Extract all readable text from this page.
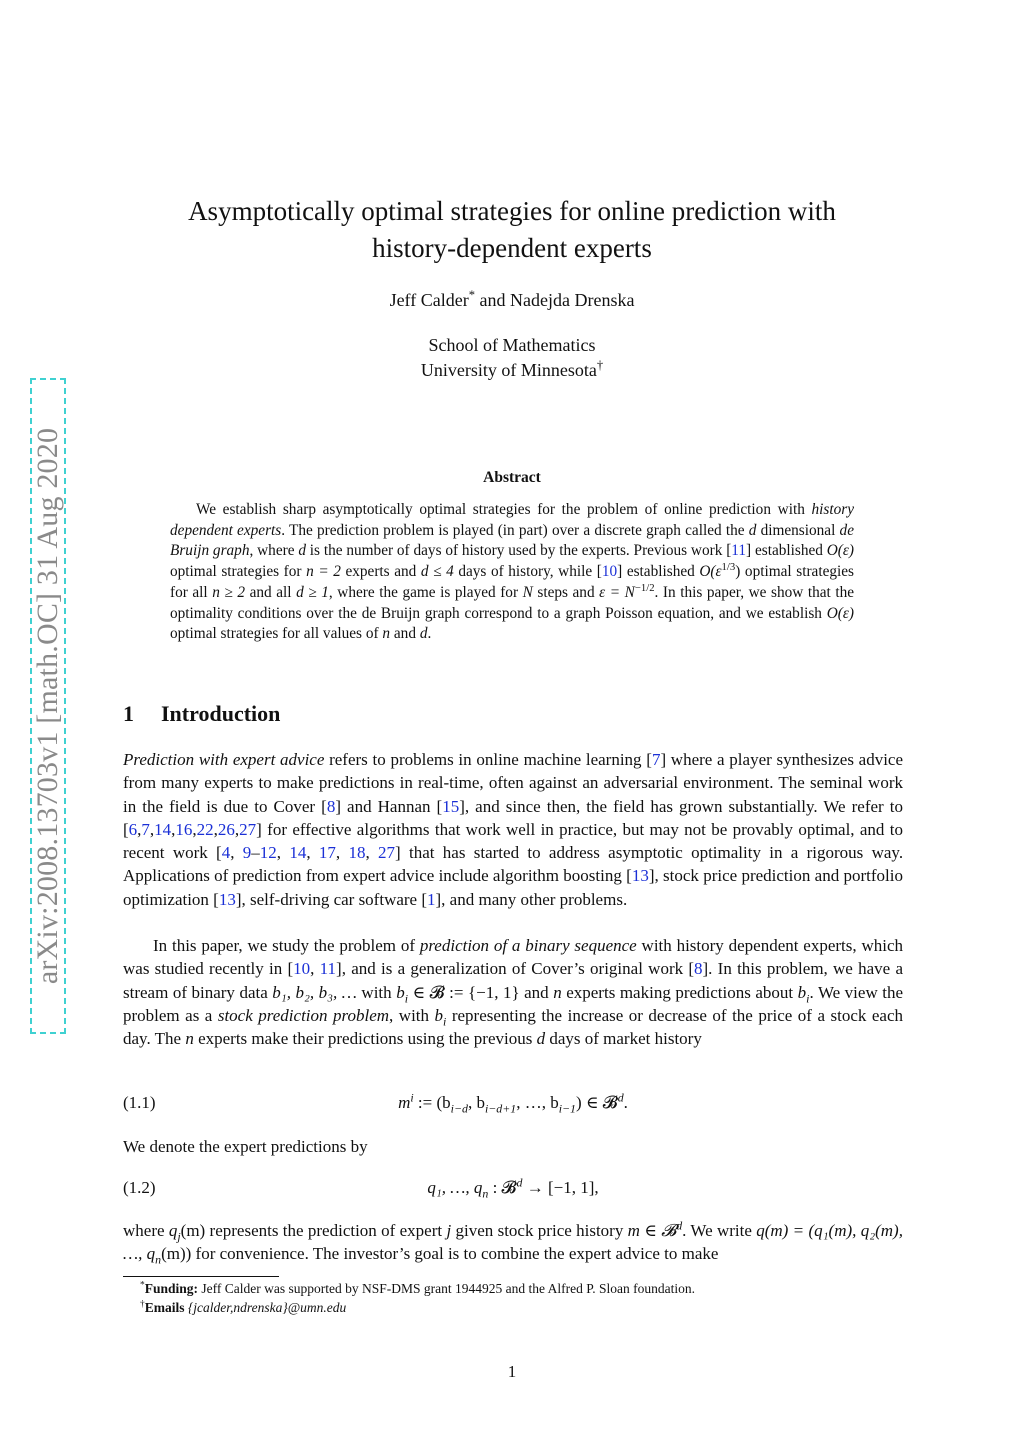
arXiv:2008.13703v1 [math.OC] 31 Aug 2020
Asymptotically optimal strategies for online prediction with
history-dependent experts
Jeff Calder* and Nadejda Drenska
School of Mathematics
University of Minnesota†
Abstract
We establish sharp asymptotically optimal strategies for the problem of online prediction with history dependent experts. The prediction problem is played (in part) over a discrete graph called the d dimensional de Bruijn graph, where d is the number of days of history used by the experts. Previous work [11] established O(ε) optimal strategies for n = 2 experts and d ≤ 4 days of history, while [10] established $O(\varepsilon^{1/3})$ optimal strategies for all n ≥ 2 and all d ≥ 1, where the game is played for N steps and $\varepsilon = N^{-1/2}$. In this paper, we show that the optimality conditions over the de Bruijn graph correspond to a graph Poisson equation, and we establish O(ε) optimal strategies for all values of n and d.
1 Introduction
Prediction with expert advice refers to problems in online machine learning [7] where a player synthesizes advice from many experts to make predictions in real-time, often against an adversarial environment. The seminal work in the field is due to Cover [8] and Hannan [15], and since then, the field has grown substantially. We refer to [6,7,14,16,22,26,27] for effective algorithms that work well in practice, but may not be provably optimal, and to recent work [4, 9–12, 14, 17, 18, 27] that has started to address asymptotic optimality in a rigorous way. Applications of prediction from expert advice include algorithm boosting [13], stock price prediction and portfolio optimization [13], self-driving car software [1], and many other problems.
In this paper, we study the problem of prediction of a binary sequence with history dependent experts, which was studied recently in [10, 11], and is a generalization of Cover’s original work [8]. In this problem, we have a stream of binary data b₁, b₂, b₃, … with $b_i$ ∈ 𝓑 := {−1, 1} and n experts making predictions about $b_i$. We view the problem as a stock prediction problem, with $b_i$ representing the increase or decrease of the price of a stock each day. The n experts make their predictions using the previous d days of market history
(1.1)	$m^i$ := ($b_{i-d}$, $b_{i-d+1}$, …, $b_{i-1}$) ∈ 𝓑$^d$.
We denote the expert predictions by
(1.2)	q₁, …, $q_n$ : 𝓑$^d$ → [−1, 1],
where $q_j(m)$ represents the prediction of expert j given stock price history m ∈ 𝓑$^d$. We write q(m) = (q₁(m), q₂(m), …, $q_n(m)$) for convenience. The investor’s goal is to combine the expert advice to make
*Funding: Jeff Calder was supported by NSF-DMS grant 1944925 and the Alfred P. Sloan foundation.
†Emails {jcalder,ndrenska}@umn.edu
1
